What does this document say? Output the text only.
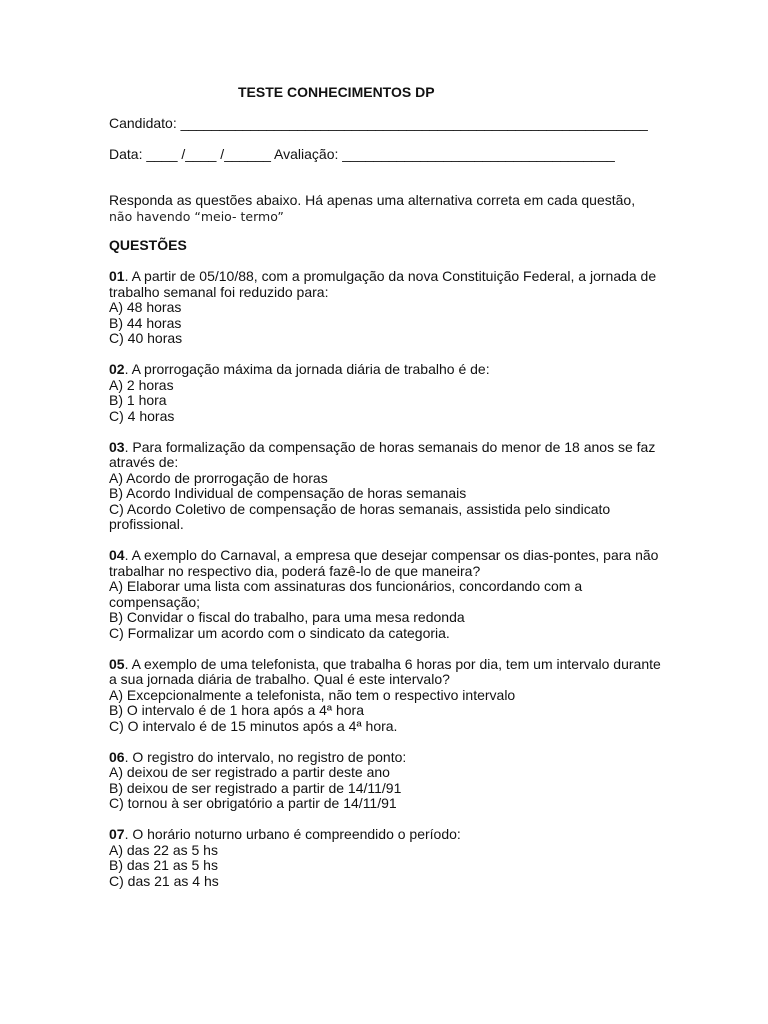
TESTE CONHECIMENTOS DP
Candidato: ____________________________________________________________
Data: ____ /____ /______ Avaliação: ___________________________________
Responda as questões abaixo. Há apenas uma alternativa correta em cada questão,
não havendo “meio- termo”
QUESTÕES
01. A partir de 05/10/88, com a promulgação da nova Constituição Federal, a jornada de trabalho semanal foi reduzido para:
A) 48 horas
B) 44 horas
C) 40 horas
02. A prorrogação máxima da jornada diária de trabalho é de:
A) 2 horas
B) 1 hora
C) 4 horas
03. Para formalização da compensação de horas semanais do menor de 18 anos se faz através de:
A) Acordo de prorrogação de horas
B) Acordo Individual de compensação de horas semanais
C) Acordo Coletivo de compensação de horas semanais, assistida pelo sindicato profissional.
04. A exemplo do Carnaval, a empresa que desejar compensar os dias-pontes, para não trabalhar no respectivo dia, poderá fazê-lo de que maneira?
A) Elaborar uma lista com assinaturas dos funcionários, concordando com a compensação;
B) Convidar o fiscal do trabalho, para uma mesa redonda
C) Formalizar um acordo com o sindicato da categoria.
05. A exemplo de uma telefonista, que trabalha 6 horas por dia, tem um intervalo durante a sua jornada diária de trabalho. Qual é este intervalo?
A) Excepcionalmente a telefonista, não tem o respectivo intervalo
B) O intervalo é de 1 hora após a 4ª hora
C) O intervalo é de 15 minutos após a 4ª hora.
06. O registro do intervalo, no registro de ponto:
A) deixou de ser registrado a partir deste ano
B) deixou de ser registrado a partir de 14/11/91
C) tornou à ser obrigatório a partir de 14/11/91
07. O horário noturno urbano é compreendido o período:
A) das 22 as 5 hs
B) das 21 as 5 hs
C) das 21 as 4 hs
